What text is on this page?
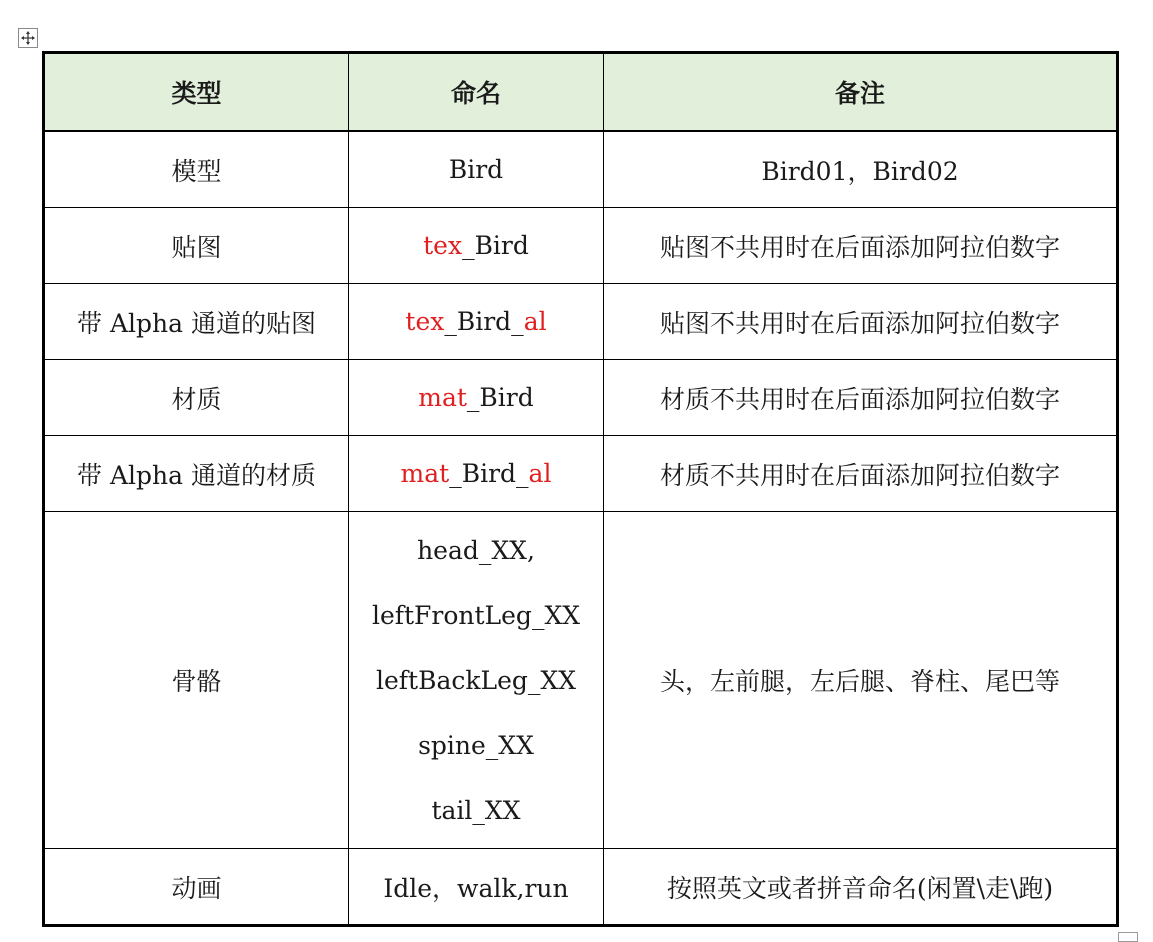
类型	命名	备注
模型	Bird	Bird01，Bird02
贴图	tex_Bird	贴图不共用时在后面添加阿拉伯数字
带 Alpha 通道的贴图	tex_Bird_al	贴图不共用时在后面添加阿拉伯数字
材质	mat_Bird	材质不共用时在后面添加阿拉伯数字
带 Alpha 通道的材质	mat_Bird_al	材质不共用时在后面添加阿拉伯数字
骨骼	head_XX,
leftFrontLeg_XX
leftBackLeg_XX
spine_XX
tail_XX	头，左前腿，左后腿、脊柱、尾巴等
动画	Idle，walk,run	按照英文或者拼音命名(闲置\走\跑)
